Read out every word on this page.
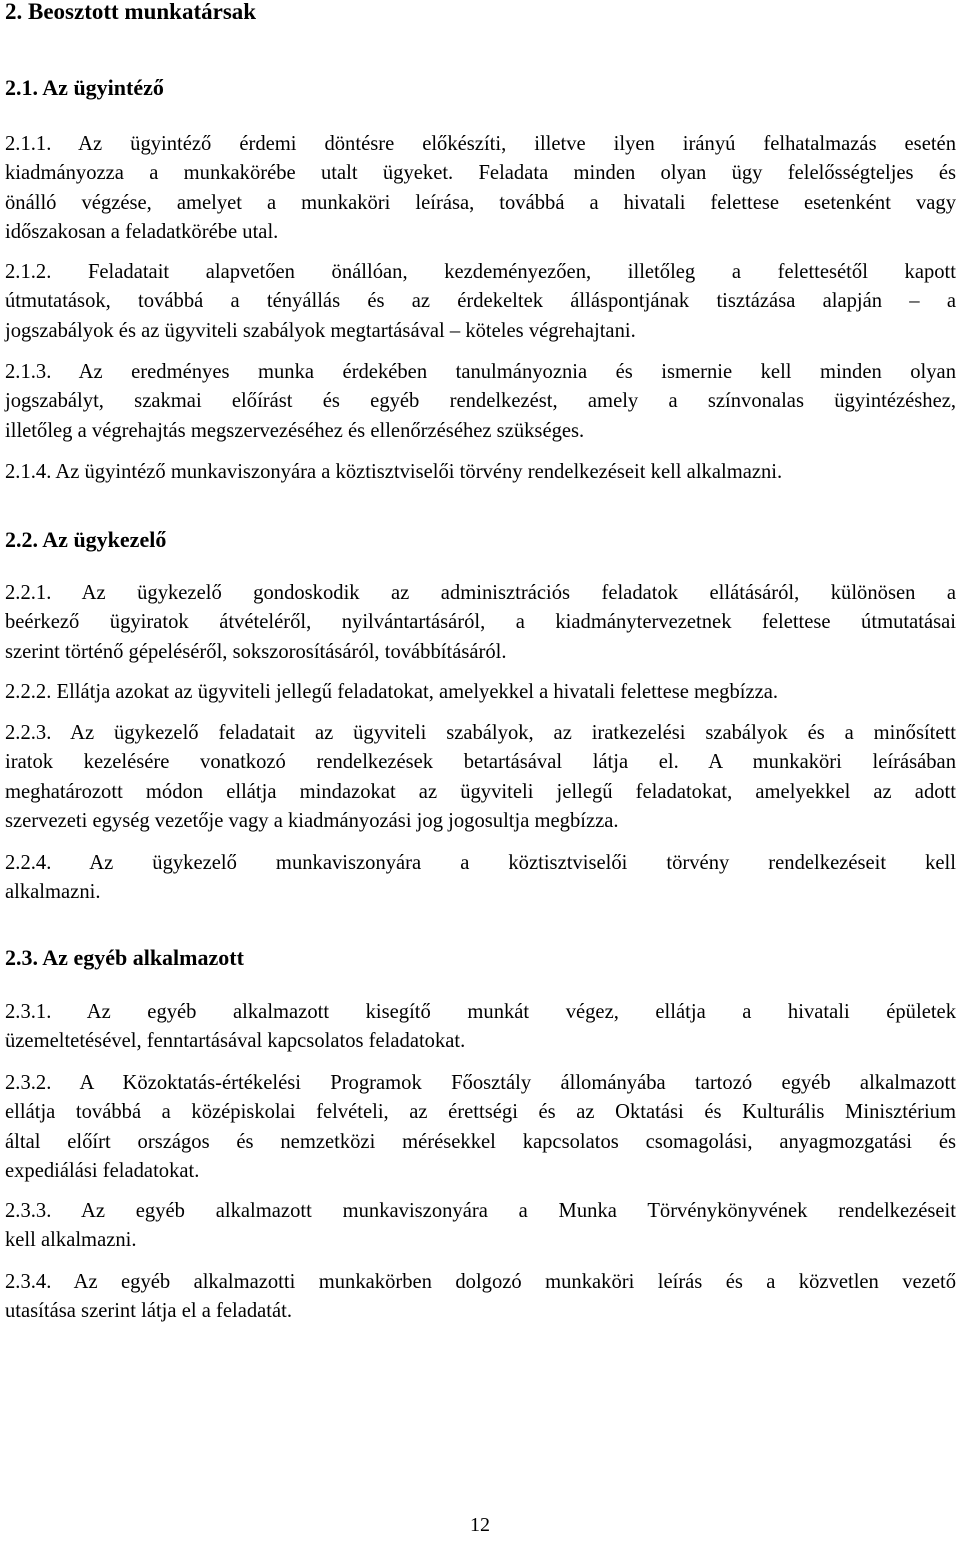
2. Beosztott munkatársak
2.1. Az ügyintéző
2.1.1. Az ügyintéző érdemi döntésre előkészíti, illetve ilyen irányú felhatalmazás esetén
kiadmányozza a munkakörébe utalt ügyeket. Feladata minden olyan ügy felelősségteljes és
önálló végzése, amelyet a munkaköri leírása, továbbá a hivatali felettese esetenként vagy
időszakosan a feladatkörébe utal.
2.1.2. Feladatait alapvetően önállóan, kezdeményezően, illetőleg a felettesétől kapott
útmutatások, továbbá a tényállás és az érdekeltek álláspontjának tisztázása alapján – a
jogszabályok és az ügyviteli szabályok megtartásával – köteles végrehajtani.
2.1.3. Az eredményes munka érdekében tanulmányoznia és ismernie kell minden olyan
jogszabályt, szakmai előírást és egyéb rendelkezést, amely a színvonalas ügyintézéshez,
illetőleg a végrehajtás megszervezéséhez és ellenőrzéséhez szükséges.
2.1.4. Az ügyintéző munkaviszonyára a köztisztviselői törvény rendelkezéseit kell alkalmazni.
2.2. Az ügykezelő
2.2.1. Az ügykezelő gondoskodik az adminisztrációs feladatok ellátásáról, különösen a
beérkező ügyiratok átvételéről, nyilvántartásáról, a kiadmánytervezetnek felettese útmutatásai
szerint történő gépeléséről, sokszorosításáról, továbbításáról.
2.2.2. Ellátja azokat az ügyviteli jellegű feladatokat, amelyekkel a hivatali felettese megbízza.
2.2.3. Az ügykezelő feladatait az ügyviteli szabályok, az iratkezelési szabályok és a minősített
iratok kezelésére vonatkozó rendelkezések betartásával látja el. A munkaköri leírásában
meghatározott módon ellátja mindazokat az ügyviteli jellegű feladatokat, amelyekkel az adott
szervezeti egység vezetője vagy a kiadmányozási jog jogosultja megbízza.
2.2.4. Az ügykezelő munkaviszonyára a köztisztviselői törvény rendelkezéseit kell
alkalmazni.
2.3. Az egyéb alkalmazott
2.3.1. Az egyéb alkalmazott kisegítő munkát végez, ellátja a hivatali épületek
üzemeltetésével, fenntartásával kapcsolatos feladatokat.
2.3.2. A Közoktatás-értékelési Programok Főosztály állományába tartozó egyéb alkalmazott
ellátja továbbá a középiskolai felvételi, az érettségi és az Oktatási és Kulturális Minisztérium
által előírt országos és nemzetközi mérésekkel kapcsolatos csomagolási, anyagmozgatási és
expediálási feladatokat.
2.3.3. Az egyéb alkalmazott munkaviszonyára a Munka Törvénykönyvének rendelkezéseit
kell alkalmazni.
2.3.4. Az egyéb alkalmazotti munkakörben dolgozó munkaköri leírás és a közvetlen vezető
utasítása szerint látja el a feladatát.
12
